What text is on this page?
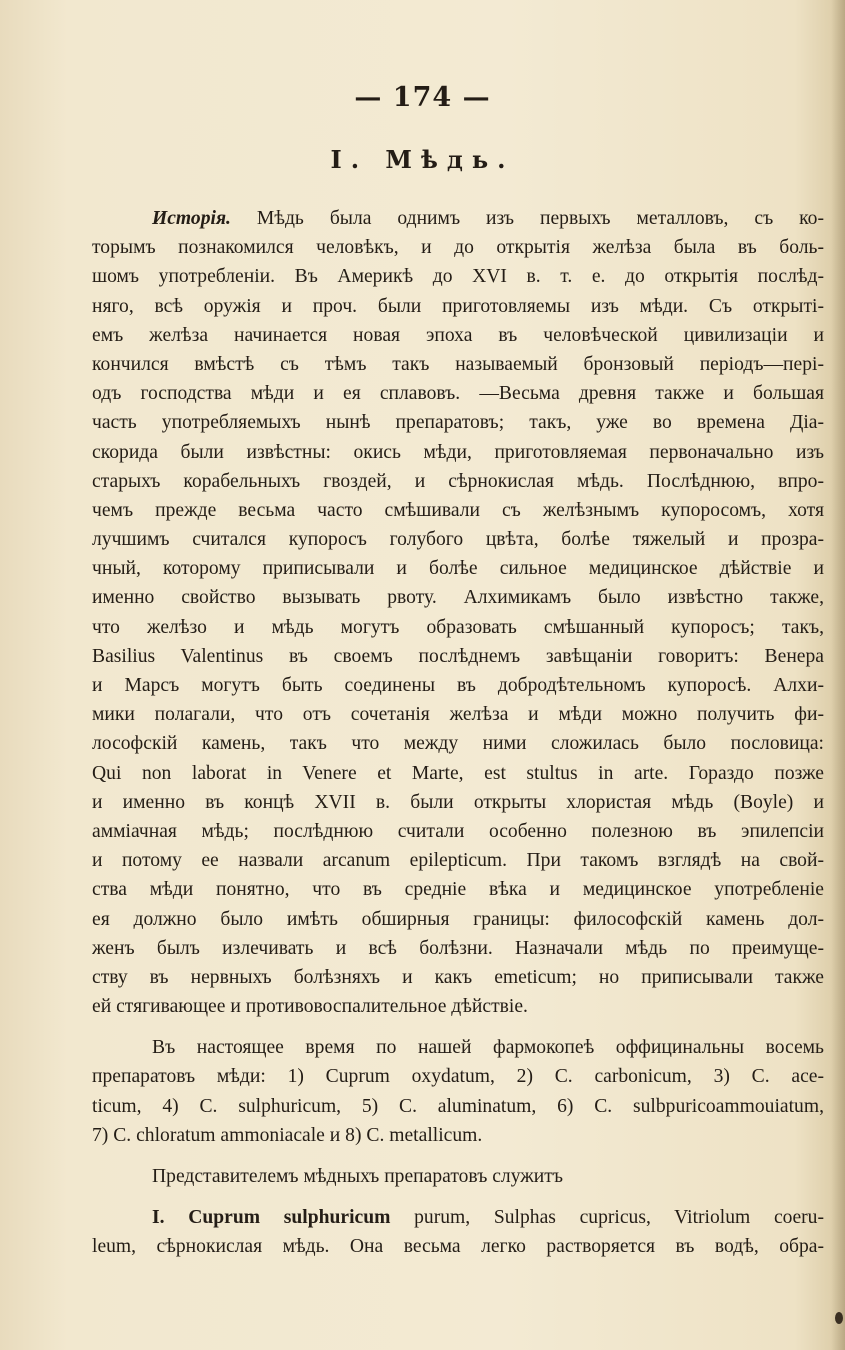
— 174 —
I. Мѣдь.
Исторія. Мѣдь была однимъ изъ первыхъ металловъ, съ ко-
торымъ познакомился человѣкъ, и до открытія желѣза была въ боль-
шомъ употребленіи. Въ Америкѣ до XVI в. т. е. до открытія послѣд-
няго, всѣ оружія и проч. были приготовляемы изъ мѣди. Съ открыті-
емъ желѣза начинается новая эпоха въ человѣческой цивилизаціи и
кончился вмѣстѣ съ тѣмъ такъ называемый бронзовый періодъ—перi-
одъ господства мѣди и ея сплавовъ. —Весьма древня также и большая
часть употребляемыхъ нынѣ препаратовъ; такъ, уже во времена Діа-
скорида были извѣстны: окись мѣди, приготовляемая первоначально изъ
старыхъ корабельныхъ гвоздей, и сѣрнокислая мѣдь. Послѣднюю, впро-
чемъ прежде весьма часто смѣшивали съ желѣзнымъ купоросомъ, хотя
лучшимъ считался купоросъ голубого цвѣта, болѣе тяжелый и прозра-
чный, которому приписывали и болѣе сильное медицинское дѣйствіе и
именно свойство вызывать рвоту. Алхимикамъ было извѣстно также,
что желѣзо и мѣдь могутъ образовать смѣшанный купоросъ; такъ,
Basilius Valentinus въ своемъ послѣднемъ завѣщаніи говоритъ: Венера
и Марсъ могутъ быть соединены въ добродѣтельномъ купоросѣ. Алхи-
мики полагали, что отъ сочетанія желѣза и мѣди можно получить фи-
лософскій камень, такъ что между ними сложилась было пословица:
Qui non laborat in Venere et Marte, est stultus in arte. Гораздо позже
и именно въ концѣ XVII в. были открыты хлористая мѣдь (Boyle) и
амміачная мѣдь; послѣднюю считали особенно полезною въ эпилепсіи
и потому ее назвали arcanum epilepticum. При такомъ взглядѣ на свой-
ства мѣди понятно, что въ средніе вѣка и медицинское употребленіе
ея должно было имѣть обширныя границы: философскій камень дол-
женъ былъ излечивать и всѣ болѣзни. Назначали мѣдь по преимуще-
ству въ нервныхъ болѣзняхъ и какъ emeticum; но приписывали также
ей стягивающее и противовоспалительное дѣйствіе.
Въ настоящее время по нашей фармокопеѣ оффицинальны восемь
препаратовъ мѣди: 1) Cuprum oxydatum, 2) C. carbonicum, 3) C. ace-
ticum, 4) C. sulphuricum, 5) C. aluminatum, 6) C. sulbpuricoammouiatum,
7) C. chloratum ammoniacale и 8) C. metallicum.
Представителемъ мѣдныхъ препаратовъ служитъ
I. Cuprum sulphuricum purum, Sulphas cupricus, Vitriolum coeru-
leum, сѣрнокислая мѣдь. Она весьма легко растворяется въ водѣ, обра-
